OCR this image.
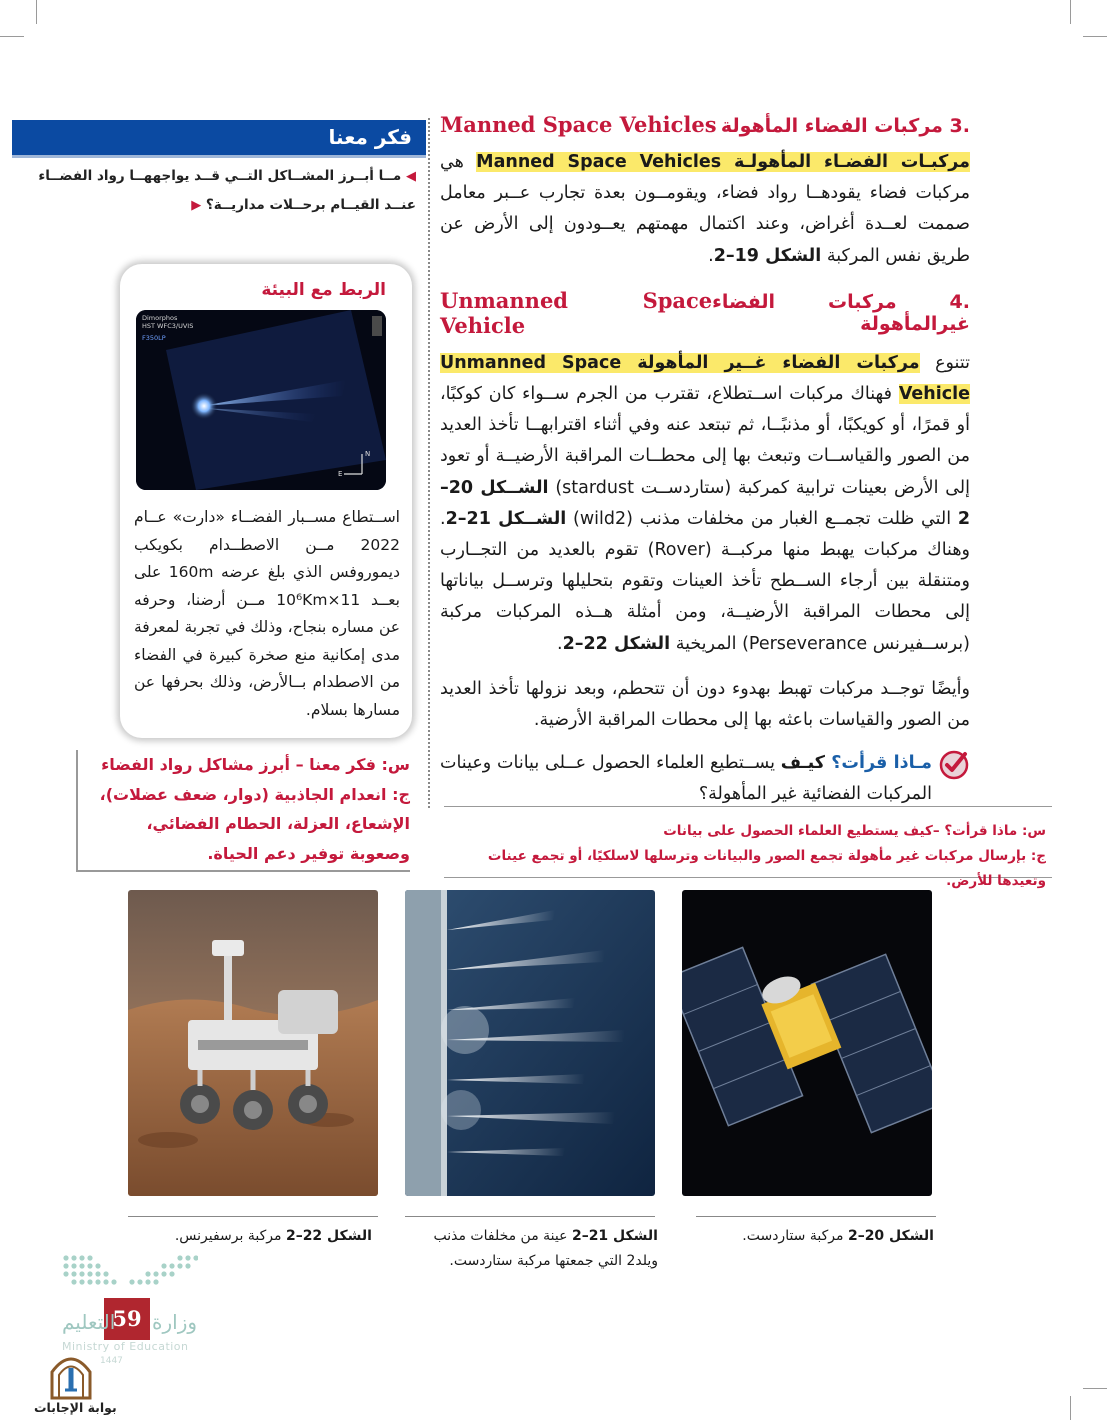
.3 مركبات الفضاء المأهولة
Manned Space Vehicles

مركبـات الفضـاء المأهولـة Manned Space Vehicles هي مركبات فضاء يقودهــا رواد فضاء، ويقومــون بعدة تجارب عــبر معامل صممت لعــدة أغراض، وعند اكتمال مهمتهم يعــودون إلى الأرض عن طريق نفس المركبة الشكل 19–2.

.4 مركبات الفضاء غيرالمأهولة
Unmanned Space Vehicle

تتنوع مركبات الفضاء غــير المأهولة Unmanned Space Vehicle فهناك مركبات اســتطلاع، تقترب من الجرم ســواء كان كوكبًا، أو قمرًا، أو كويكبًا، أو مذنبًــا، ثم تبتعد عنه وفي أثناء اقترابهــا تأخذ العديد من الصور والقياســات وتبعث بها إلى محطــات المراقبة الأرضيــة أو تعود إلى الأرض بعينات ترابية كمركبة (ستاردســت stardust) الشــكل 20–2 التي ظلت تجمــع الغبار من مخلفات مذنب (wild2) الشــكل 21–2. وهناك مركبات يهبط منها مركبــة (Rover) تقوم بالعديد من التجــارب ومتنقلة بين أرجاء الســطح تأخذ العينات وتقوم بتحليلها وترســل بياناتها إلى محطات المراقبة الأرضيــة، ومن أمثلة هــذه المركبات مركبة (برســفيرنس Perseverance) المريخية الشكل 22–2.

وأيضًا توجــد مركبات تهبط بهدوء دون أن تتحطم، وبعد نزولها تأخذ العديد من الصور والقياسات باعثه بها إلى محطات المراقبة الأرضية.

مـاذا قرأت؟ كيـف يســتطيع العلماء الحصول عــلى بيانات وعينات المركبات الفضائية غير المأهولة؟

س: ماذا قرأت؟ –كيف يستطيع العلماء الحصول على بيانات
ج: بإرسال مركبات غير مأهولة تجمع الصور والبيانات وترسلها لاسلكيًا، أو تجمع عينات وتعيدها للأرض.
فكر معنا
◀ مــا أبــرز المشــاكل التــي قــد يواجههــا رواد الفضــاء عنــد القيــام برحــلات مداريــة؟ ▶
الربط مع البيئة
Dimorphos
HST WFC3/UVIS
F350LP
N
E

اســتطاع مســبار الفضــاء «دارت» عــام 2022 مــن الاصطــدام بكويكب ديموروفس الذي بلغ عرضه 160m على بعــد 11×10⁶Km مــن أرضنا، وحرفه عن مساره بنجاح، وذلك في تجربة لمعرفة مدى إمكانية منع صخرة كبيرة في الفضاء من الاصطدام بــالأرض، وذلك بحرفها عن مسارها بسلام.

س: فكر معنا – أبرز مشاكل رواد الفضاء
ج: انعدام الجاذبية (دوار، ضعف عضلات)، الإشعاع، العزلة، الحطام الفضائي، وصعوبة توفير دعم الحياة.
الشكل 22–2 مركبة برسفيرنس.	الشكل 21–2 عينة من مخلفات مذنب ويلد2 التي جمعتها مركبة ستاردست.
الشكل 20–2 مركبة ستاردست.
59 وزارة
التعليم
Ministry of Education
1447
بوابة الإجابات
